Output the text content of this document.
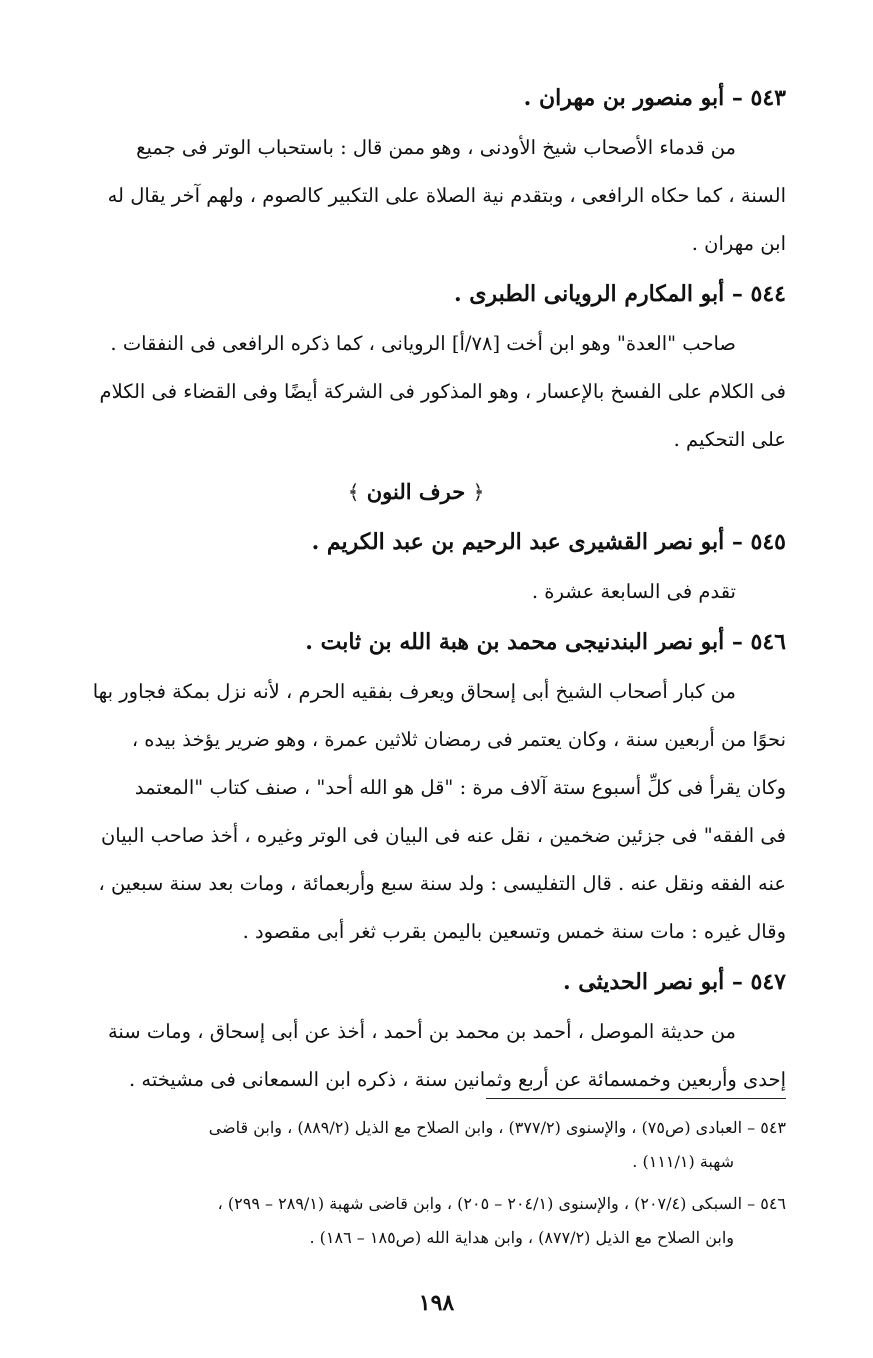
٥٤٣ – أبو منصور بن مهران .

من قدماء الأصحاب شيخ الأودنى ، وهو ممن قال : باستحباب الوتر فى جميع

السنة ، كما حكاه الرافعى ، وبتقدم نية الصلاة على التكبير كالصوم ، ولهم آخر يقال له

ابن مهران .

٥٤٤ – أبو المكارم الرويانى الطبرى .

صاحب "العدة" وهو ابن أخت [٧٨/أ] الرويانى ، كما ذكره الرافعى فى النفقات .

فى الكلام على الفسخ بالإعسار ، وهو المذكور فى الشركة أيضًا وفى القضاء فى الكلام

على التحكيم .

﴿ حرف النون ﴾
٥٤٥ – أبو نصر القشيرى عبد الرحيم بن عبد الكريم .

تقدم فى السابعة عشرة .

٥٤٦ – أبو نصر البندنيجى محمد بن هبة الله بن ثابت .

من كبار أصحاب الشيخ أبى إسحاق ويعرف بفقيه الحرم ، لأنه نزل بمكة فجاور بها

نحوًا من أربعين سنة ، وكان يعتمر فى رمضان ثلاثين عمرة ، وهو ضرير يؤخذ بيده ،

وكان يقرأ فى كلِّ أسبوع ستة آلاف مرة : "قل هو الله أحد" ، صنف كتاب "المعتمد

فى الفقه" فى جزئين ضخمين ، نقل عنه فى البيان فى الوتر وغيره ، أخذ صاحب البيان

عنه الفقه ونقل عنه . قال التفليسى : ولد سنة سبع وأربعمائة ، ومات بعد سنة سبعين ،

وقال غيره : مات سنة خمس وتسعين باليمن بقرب ثغر أبى مقصود .

٥٤٧ – أبو نصر الحديثى .

من حديثة الموصل ، أحمد بن محمد بن أحمد ، أخذ عن أبى إسحاق ، ومات سنة

إحدى وأربعين وخمسمائة عن أربع وثمانين سنة ، ذكره ابن السمعانى فى مشيخته .

٥٤٣ – العبادى (ص٧٥) ، والإسنوى (٣٧٧/٢) ، وابن الصلاح مع الذيل (٨٨٩/٢) ، وابن قاضى

شهبة (١١١/١) .

٥٤٦ – السبكى (٢٠٧/٤) ، والإسنوى (٢٠٤/١ – ٢٠٥) ، وابن قاضى شهبة (٢٨٩/١ – ٢٩٩) ،

وابن الصلاح مع الذيل (٨٧٧/٢) ، وابن هداية الله (ص١٨٥ – ١٨٦) .

١٩٨
